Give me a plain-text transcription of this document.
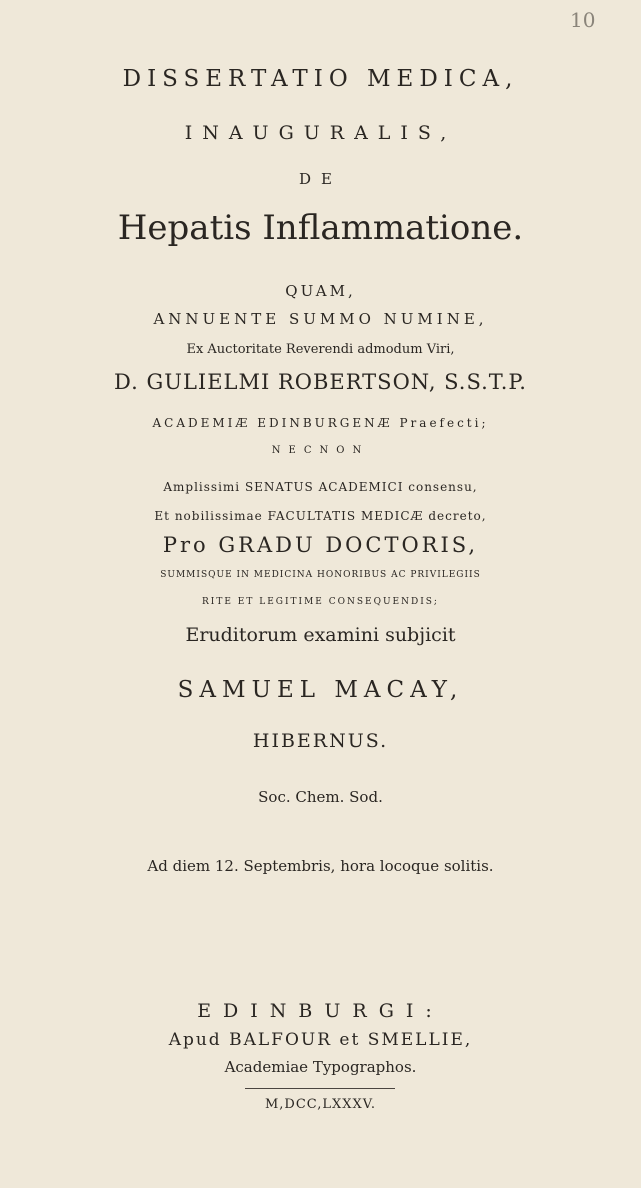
10
DISSERTATIO MEDICA,
INAUGURALIS,
DE
Hepatis Inflammatione.
QUAM,
ANNUENTE SUMMO NUMINE,
Ex Auctoritate Reverendi admodum Viri,
D. GULIELMI ROBERTSON, S.S.T.P.
ACADEMIÆ EDINBURGENÆ Praefecti;
NECNON
Amplissimi SENATUS ACADEMICI consensu,
Et nobilissimae FACULTATIS MEDICÆ decreto,
Pro GRADU DOCTORIS,
SUMMISQUE IN MEDICINA HONORIBUS AC PRIVILEGIIS
RITE ET LEGITIME CONSEQUENDIS;
Eruditorum examini subjicit
SAMUEL MACAY,
HIBERNUS.
Soc. Chem. Sod.
Ad diem 12. Septembris, hora locoque solitis.
EDINBURGI:
Apud BALFOUR et SMELLIE,
Academiae Typographos.
M,DCC,LXXXV.
